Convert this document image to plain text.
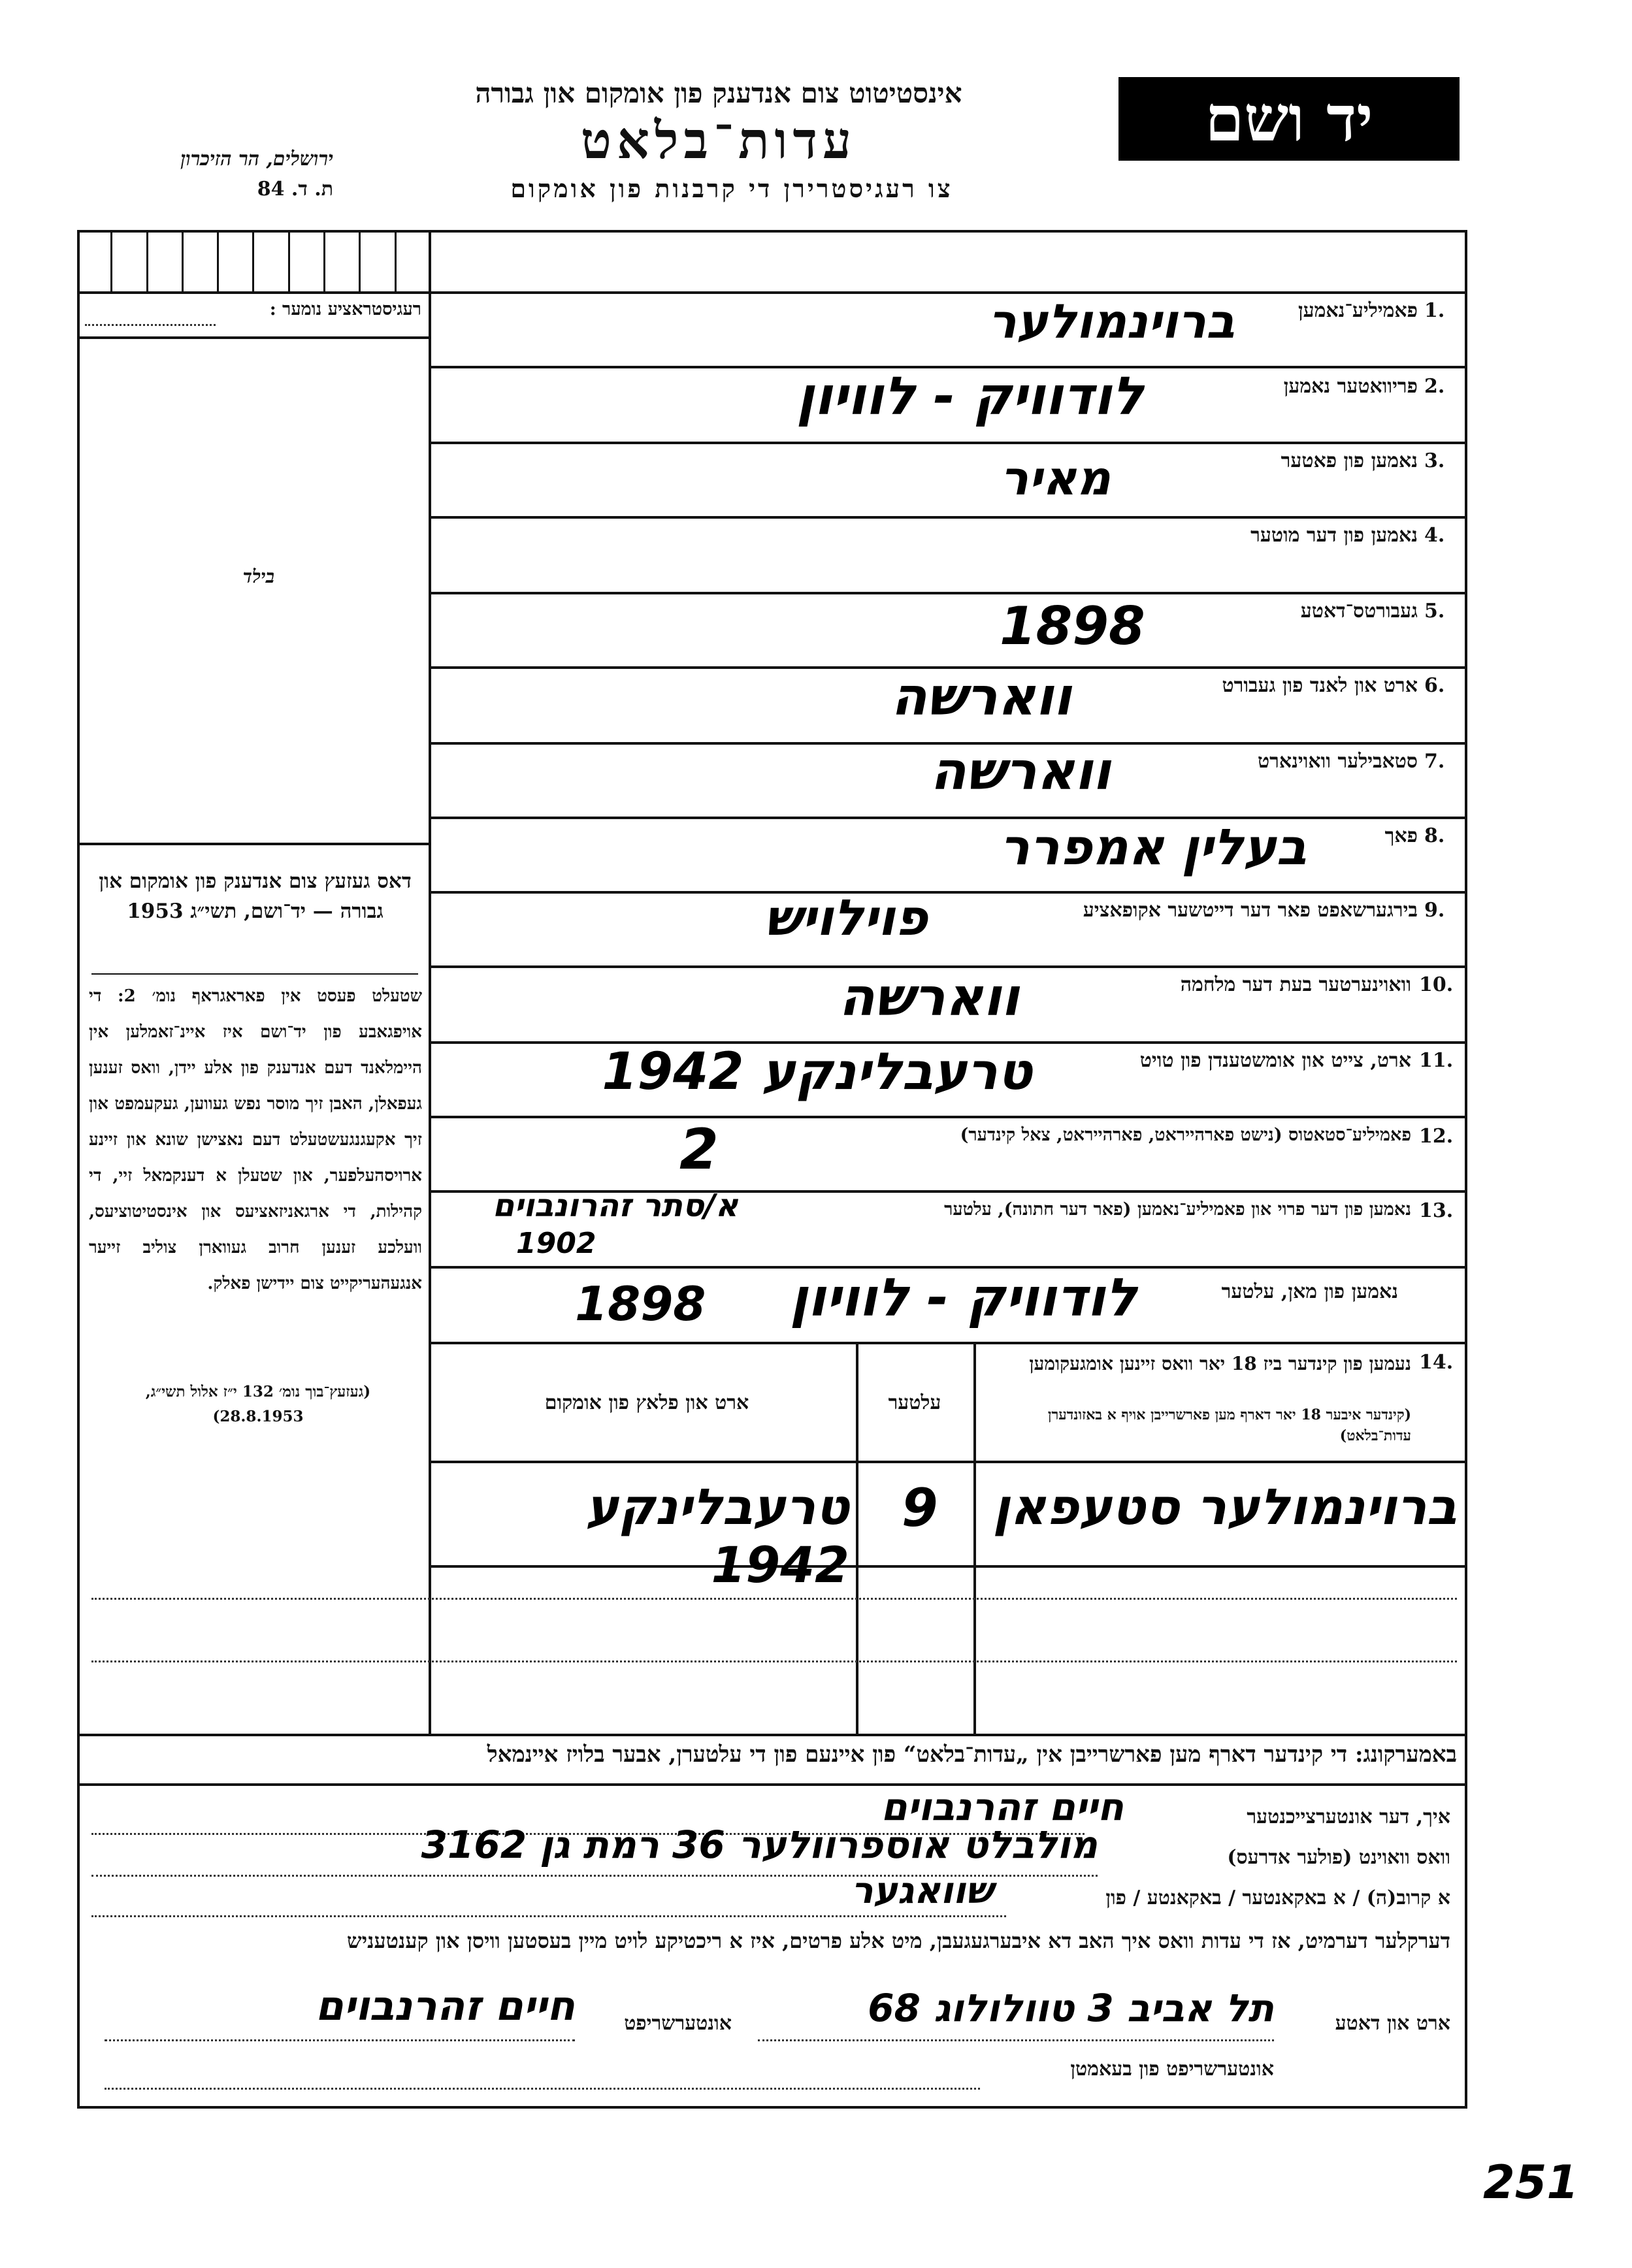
יד ושם
אינסטיטוט צום אנדענק פון אומקום און גבורה
עדות־בלאט
צו רעגיסטרירן די קרבנות פון אומקום
ירושלים, הר הזיכרון
ת. ד. 84
רעגיסטראציע נומער :
בילד
דאס געזעץ צום אנדענק פון אומקום און גבורה — יד־ושם, תשי״ג 1953
שטעלט פעסט אין פאראגראף נומ׳ 2: די אויפגאבע פון יד־ושם איז איינ־זאמלען אין היימלאנד דעם אנדענק פון אלע יידן, וואס זענען געפאלן, האבן זיך מוסר נפש געווען, געקעמפט און זיך אקעגנגעשטעלט דעם נאצישן שונא און זיינע ארויסהעלפער, און שטעלן א דענקמאל זיי, די קהילות, די ארגאניזאציעס און אינסטיטוציעס, וועלכע זענען חרוב געווארן צוליב זייער אנגעהעריקייט צום יידישן פאלק.
(געזעץ־בוך נומ׳ 132 י״ז אלול תשי״ג, 28.8.1953)
1.
פאמיליע־נאמען
ברוינמולער
2.
פריוואטער נאמען
לודוויק - לוויון
3.
נאמען פון פאטער
מאיר
4.
נאמען פון דער מוטער
5.
געבורטס־דאטע
1898
6.
ארט און לאנד פון געבורט
ווארשה
7.
סטאבילער וואוינארט
ווארשה
8.
פאך
בעלין אמפרר
9.
בירגערשאפט פאר דער דייטשער אקופאציע
פוילויש
10.
וואוינערטער בעת דער מלחמה
ווארשה
11.
ארט, צייט און אומשטענדן פון טויט
טרעבלינקע 1942
12.
פאמיליע־סטאטוס (נישט פארהייראט, פארהייראט, צאל קינדער)
2
13.
נאמען פון דער פרוי און פאמיליע־נאמען (פאר דער חתונה), עלטער
א/סתר זהרונבוים
1902
נאמען פון מאן, עלטער
לודוויק - לוויון
1898
14.
נעמען פון קינדער ביז 18 יאר וואס זיינען אומגעקומען
(קינדער איבער 18 יאר דארף מען פארשרייבן אויף א באזונדערן עדות־בלאט)
עלטער
ארט און פלאץ פון אומקום
ברוינמולער סטעפאן
9
טרעבלינקע 1942
באמערקונג: די קינדער דארף מען פארשרייבן אין „עדות־בלאט“ פון איינעם פון די עלטערן, אבער בלויז איינמאל
איך, דער אונטערצייכנטער
חיים זהרנבוים
וואס וואוינט (פולער אדרעס)
מולבלט אוספרוולער 36 רמת גן 3162
א קרוב(ה) / א באקאנטער / באקאנטע / פון
שוואגער
דערקלער דערמיט, אז די עדות וואס איך האב דא איבערגעגעבן, מיט אלע פרטים, איז א ריכטיקע לויט מיין בעסטען וויסן און קענטעניש
ארט און דאטע
תל אביב 3 טוולולוג 68
אונטערשריפט
חיים זהרנבוים
אונטערשריפט פון בעאמטן
251
